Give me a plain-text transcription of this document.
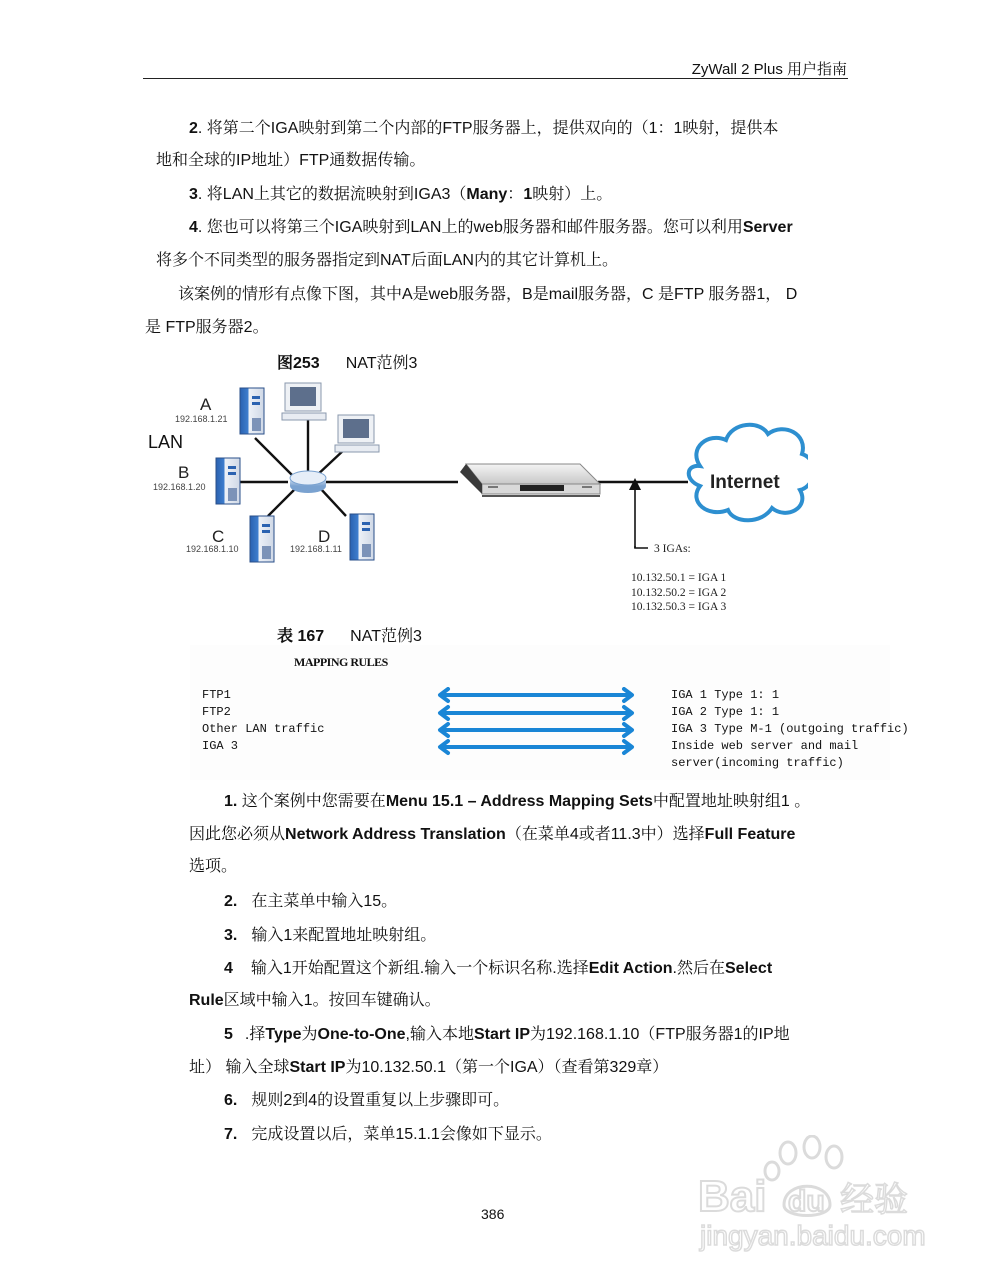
ZyWall 2 Plus 用户指南
2. 将第二个IGA映射到第二个内部的FTP服务器上，提供双向的（1：1映射，提供本
地和全球的IP地址）FTP通数据传输。
3. 将LAN上其它的数据流映射到IGA3（Many：1映射）上。
4. 您也可以将第三个IGA映射到LAN上的web服务器和邮件服务器。您可以利用Server
将多个不同类型的服务器指定到NAT后面LAN内的其它计算机上。
该案例的情形有点像下图，其中A是web服务器，B是mail服务器，C 是FTP 服务器1， D
是 FTP服务器2。
图253 NAT范例3
A
192.168.1.21
LAN
B
192.168.1.20
C
192.168.1.10
D
192.168.1.11
Internet
3 IGAs:
10.132.50.1 = IGA 1
10.132.50.2 = IGA 2
10.132.50.3 = IGA 3
表 167 NAT范例3
MAPPING RULES
FTP1
FTP2
Other LAN traffic
IGA 3
IGA 1 Type 1: 1
IGA 2 Type 1: 1
IGA 3 Type M-1 (outgoing traffic)
Inside web server and mail
server(incoming traffic)
1. 这个案例中您需要在Menu 15.1 – Address Mapping Sets中配置地址映射组1 。
因此您必须从Network Address Translation（在菜单4或者11.3中）选择Full Feature
选项。
2. 在主菜单中输入15。
3. 输入1来配置地址映射组。
4 输入1开始配置这个新组.输入一个标识名称.选择Edit Action.然后在Select
Rule区域中输入1。按回车键确认。
5 .择Type为One-to-One,输入本地Start IP为192.168.1.10（FTP服务器1的IP地
址） 输入全球Start IP为10.132.50.1（第一个IGA）（查看第329章）
6. 规则2到4的设置重复以上步骤即可。
7. 完成设置以后，菜单15.1.1会像如下显示。
386	Bai du 经验
jingyan.baidu.com
